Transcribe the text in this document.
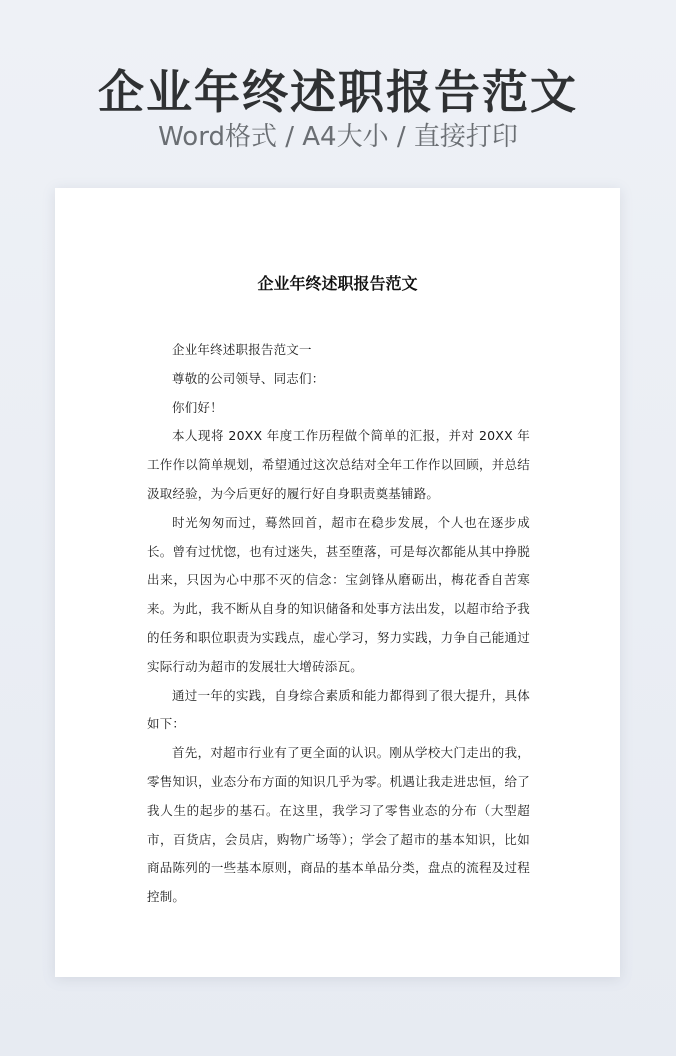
企业年终述职报告范文
Word格式 / A4大小 / 直接打印
企业年终述职报告范文

企业年终述职报告范文一

尊敬的公司领导、同志们：

你们好！

本人现将 20XX 年度工作历程做个简单的汇报，并对 20XX 年工作作以简单规划，希望通过这次总结对全年工作作以回顾，并总结汲取经验，为今后更好的履行好自身职责奠基铺路。

时光匆匆而过，蓦然回首，超市在稳步发展，个人也在逐步成长。曾有过忧惚，也有过迷失，甚至堕落，可是每次都能从其中挣脱出来，只因为心中那不灭的信念：宝剑锋从磨砺出，梅花香自苦寒来。为此，我不断从自身的知识储备和处事方法出发，以超市给予我的任务和职位职责为实践点，虚心学习，努力实践，力争自己能通过实际行动为超市的发展壮大增砖添瓦。

通过一年的实践，自身综合素质和能力都得到了很大提升，具体如下：

首先，对超市行业有了更全面的认识。刚从学校大门走出的我，零售知识，业态分布方面的知识几乎为零。机遇让我走进忠恒，给了我人生的起步的基石。在这里，我学习了零售业态的分布（大型超市，百货店，会员店，购物广场等）；学会了超市的基本知识，比如商品陈列的一些基本原则，商品的基本单品分类，盘点的流程及过程控制。
